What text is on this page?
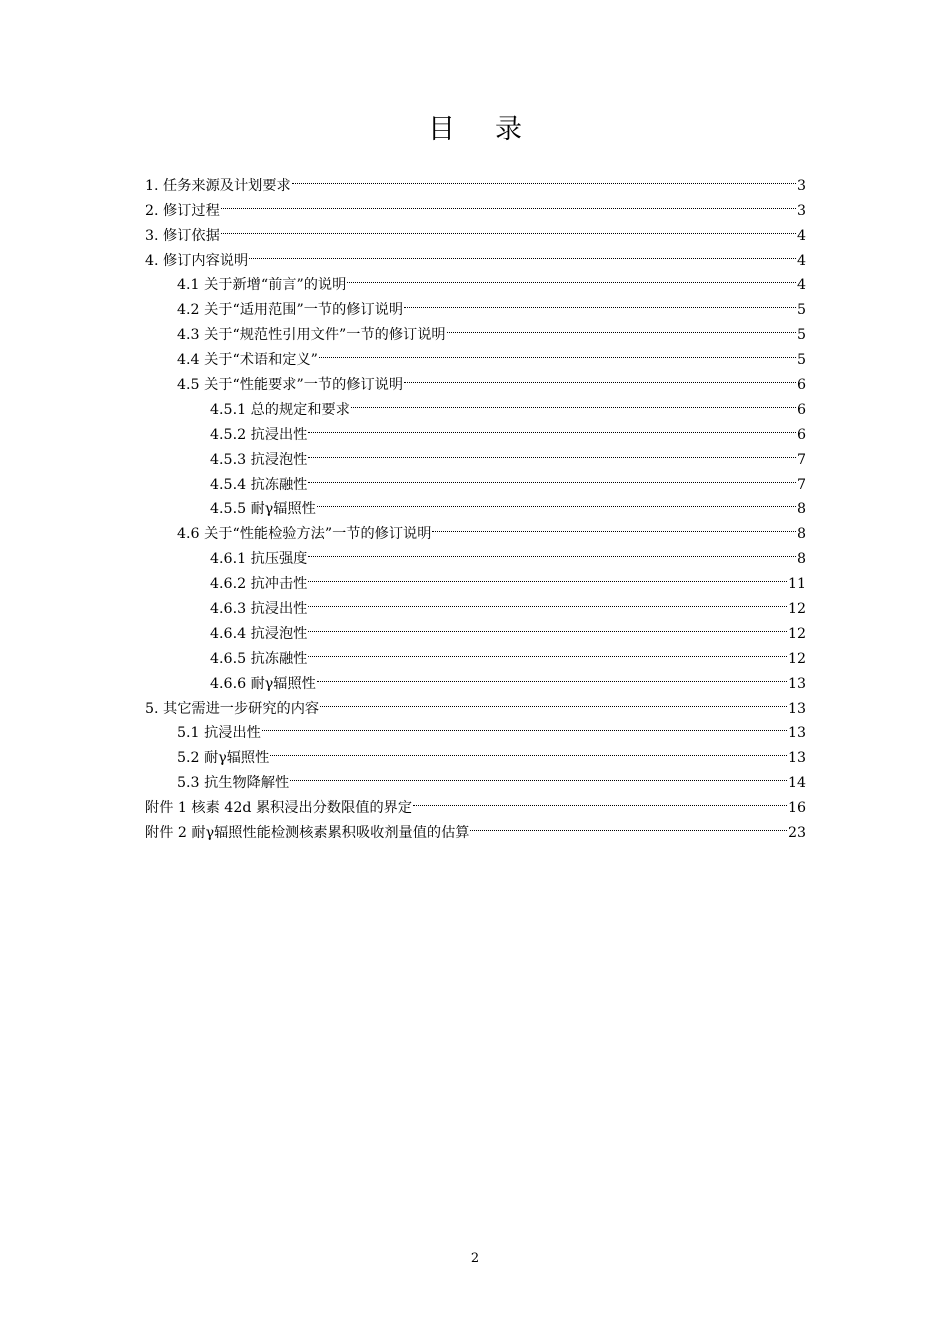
目录
1. 任务来源及计划要求	3
2. 修订过程	3
3. 修订依据	4
4. 修订内容说明	4
4.1 关于新增“前言”的说明	4
4.2 关于“适用范围”一节的修订说明	5
4.3 关于“规范性引用文件”一节的修订说明	5
4.4 关于“术语和定义”	5
4.5 关于“性能要求”一节的修订说明	6
4.5.1 总的规定和要求	6
4.5.2 抗浸出性	6
4.5.3 抗浸泡性	7
4.5.4 抗冻融性	7
4.5.5 耐γ辐照性	8
4.6 关于“性能检验方法”一节的修订说明	8
4.6.1 抗压强度	8
4.6.2 抗冲击性	11
4.6.3 抗浸出性	12
4.6.4 抗浸泡性	12
4.6.5 抗冻融性	12
4.6.6 耐γ辐照性	13
5. 其它需进一步研究的内容	13
5.1 抗浸出性	13
5.2 耐γ辐照性	13
5.3 抗生物降解性	14
附件 1 核素 42d 累积浸出分数限值的界定	16
附件 2 耐γ辐照性能检测核素累积吸收剂量值的估算	23
2
